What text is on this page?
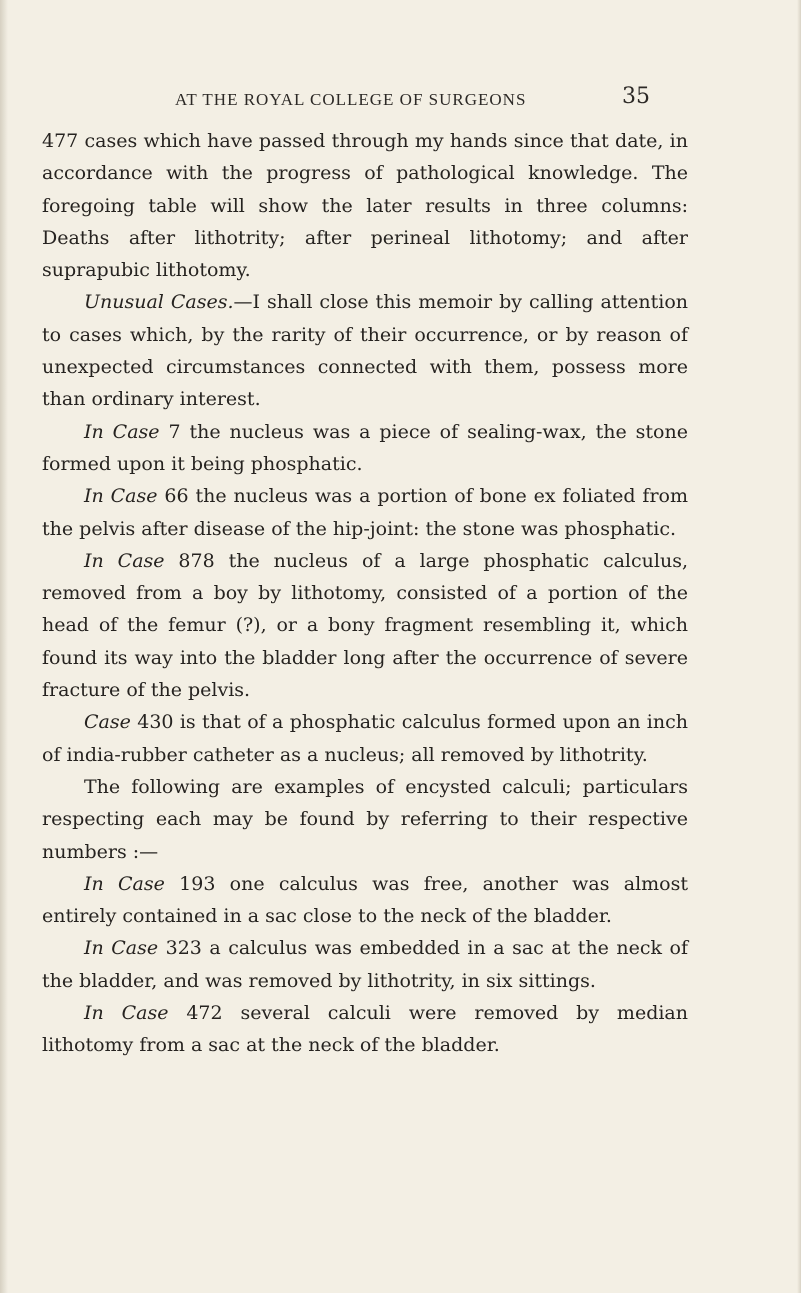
AT THE ROYAL COLLEGE OF SURGEONS	35

477 cases which have passed through my hands since that date, in accordance with the progress of pathological knowledge. The foregoing table will show the later results in three columns: Deaths after lithotrity; after perineal lithotomy; and after suprapubic lithotomy.

Unusual Cases.—I shall close this memoir by calling attention to cases which, by the rarity of their occurrence, or by reason of unexpected circumstances connected with them, possess more than ordinary interest.

In Case 7 the nucleus was a piece of sealing-wax, the stone formed upon it being phosphatic.

In Case 66 the nucleus was a portion of bone ex foliated from the pelvis after disease of the hip-joint: the stone was phosphatic.

In Case 878 the nucleus of a large phosphatic calculus, removed from a boy by lithotomy, consisted of a portion of the head of the femur (?), or a bony fragment resembling it, which found its way into the bladder long after the occurrence of severe fracture of the pelvis.

Case 430 is that of a phosphatic calculus formed upon an inch of india-rubber catheter as a nucleus; all removed by lithotrity.

The following are examples of encysted calculi; particulars respecting each may be found by referring to their respective numbers :—

In Case 193 one calculus was free, another was almost entirely contained in a sac close to the neck of the bladder.

In Case 323 a calculus was embedded in a sac at the neck of the bladder, and was removed by lithotrity, in six sittings.

In Case 472 several calculi were removed by median lithotomy from a sac at the neck of the bladder.
